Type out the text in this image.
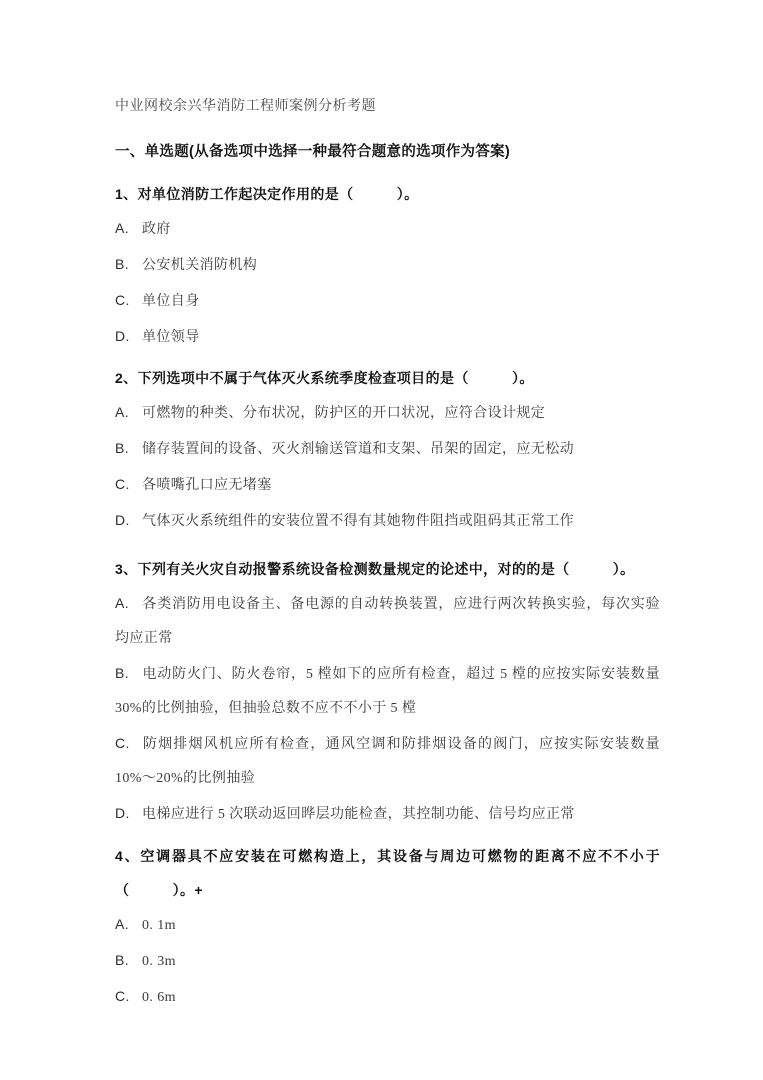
中业网校余兴华消防工程师案例分析考题

一、单选题(从备选项中选择一种最符合题意的选项作为答案)

1、对单位消防工作起决定作用的是（　　　）。

A. 政府

B. 公安机关消防机构

C. 单位自身

D. 单位领导

2、下列选项中不属于气体灭火系统季度检查项目的是（　　　）。

A. 可燃物的种类、分布状况，防护区的开口状况，应符合设计规定

B. 储存装置间的设备、灭火剂输送管道和支架、吊架的固定，应无松动

C. 各喷嘴孔口应无堵塞

D. 气体灭火系统组件的安装位置不得有其她物件阻挡或阻码其正常工作

3、下列有关火灾自动报警系统设备检测数量规定的论述中，对的的是（　　　）。

A. 各类消防用电设备主、备电源的自动转换装置，应进行两次转换实验，每次实验均应正常

B. 电动防火门、防火卷帘，5 樘如下的应所有检查，超过 5 樘的应按实际安装数量 30%的比例抽验，但抽验总数不应不不小于 5 樘

C. 防烟排烟风机应所有检查，通风空调和防排烟设备的阀门，应按实际安装数量 10%～20%的比例抽验

D. 电梯应进行 5 次联动返回晔层功能检查，其控制功能、信号均应正常

4、空调器具不应安装在可燃构造上，其设备与周边可燃物的距离不应不不小于（　　　）。+

A. 0. 1m

B. 0. 3m

C. 0. 6m
